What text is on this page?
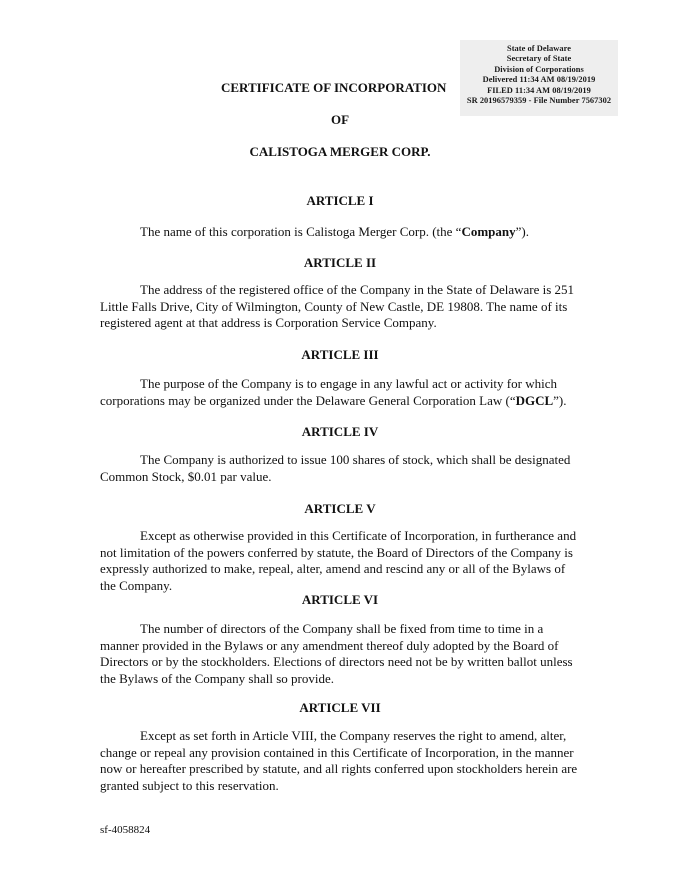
State of Delaware
Secretary of State
Division of Corporations
Delivered 11:34 AM 08/19/2019
FILED 11:34 AM 08/19/2019
SR 20196579359 - File Number 7567302
CERTIFICATE OF INCORPORATION
OF
CALISTOGA MERGER CORP.
ARTICLE I
The name of this corporation is Calistoga Merger Corp. (the “Company”).
ARTICLE II
The address of the registered office of the Company in the State of Delaware is 251 Little Falls Drive, City of Wilmington, County of New Castle, DE 19808. The name of its registered agent at that address is Corporation Service Company.
ARTICLE III
The purpose of the Company is to engage in any lawful act or activity for which corporations may be organized under the Delaware General Corporation Law (“DGCL”).
ARTICLE IV
The Company is authorized to issue 100 shares of stock, which shall be designated Common Stock, $0.01 par value.
ARTICLE V
Except as otherwise provided in this Certificate of Incorporation, in furtherance and not limitation of the powers conferred by statute, the Board of Directors of the Company is expressly authorized to make, repeal, alter, amend and rescind any or all of the Bylaws of the Company.
ARTICLE VI
The number of directors of the Company shall be fixed from time to time in a manner provided in the Bylaws or any amendment thereof duly adopted by the Board of Directors or by the stockholders. Elections of directors need not be by written ballot unless the Bylaws of the Company shall so provide.
ARTICLE VII
Except as set forth in Article VIII, the Company reserves the right to amend, alter, change or repeal any provision contained in this Certificate of Incorporation, in the manner now or hereafter prescribed by statute, and all rights conferred upon stockholders herein are granted subject to this reservation.
sf-4058824
